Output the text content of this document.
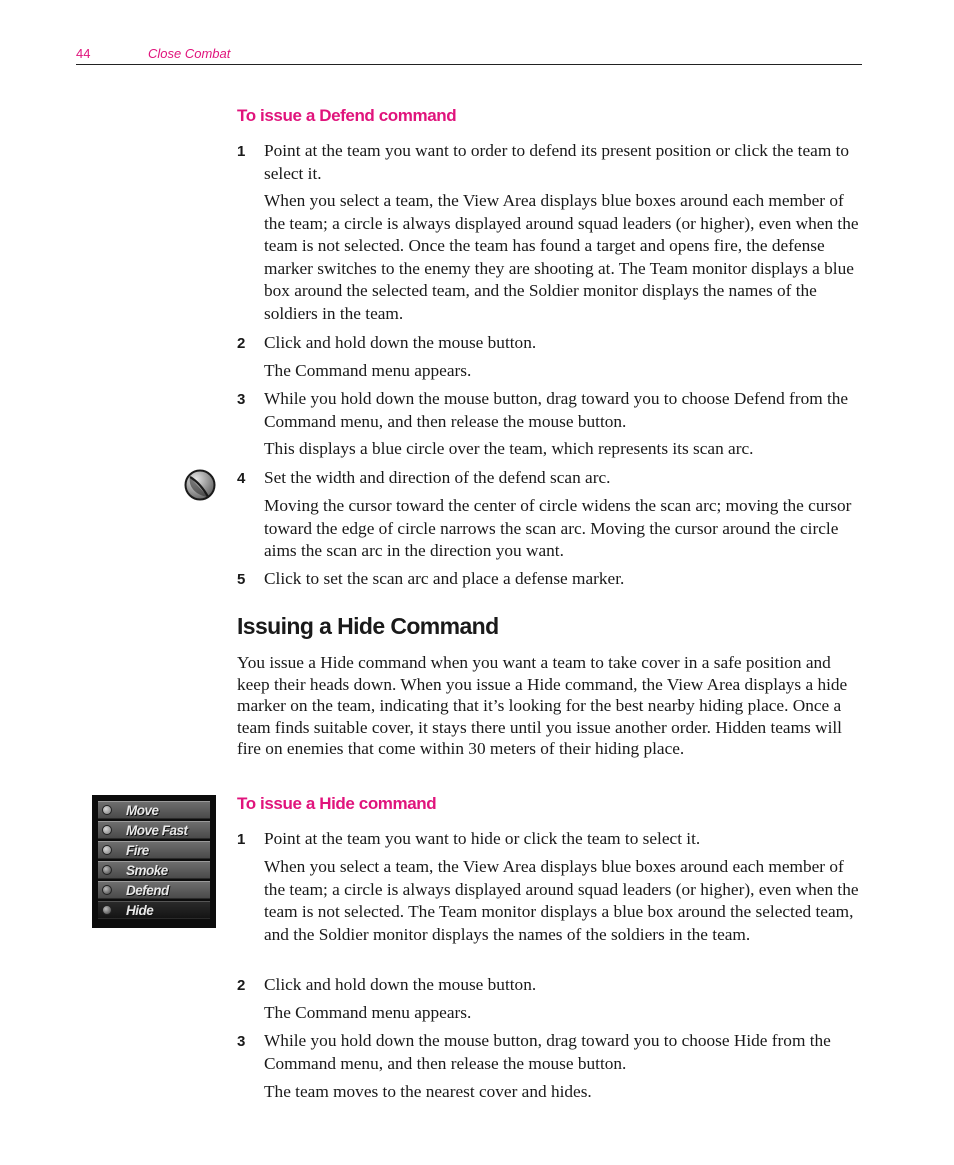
44	Close Combat
To issue a Defend command
1 Point at the team you want to order to defend its present position or click the team to select it.

When you select a team, the View Area displays blue boxes around each member of the team; a circle is always displayed around squad leaders (or higher), even when the team is not selected. Once the team has found a target and opens fire, the defense marker switches to the enemy they are shooting at. The Team monitor displays a blue box around the selected team, and the Soldier monitor displays the names of the soldiers in the team.

2 Click and hold down the mouse button.

The Command menu appears.

3 While you hold down the mouse button, drag toward you to choose Defend from the Command menu, and then release the mouse button.

This displays a blue circle over the team, which represents its scan arc.

4 Set the width and direction of the defend scan arc.

Moving the cursor toward the center of circle widens the scan arc; moving the cursor toward the edge of circle narrows the scan arc. Moving the cursor around the circle aims the scan arc in the direction you want.

5 Click to set the scan arc and place a defense marker.

Issuing a Hide Command

You issue a Hide command when you want a team to take cover in a safe position and keep their heads down. When you issue a Hide command, the View Area displays a hide marker on the team, indicating that it’s looking for the best nearby hiding place. Once a team finds suitable cover, it stays there until you issue another order. Hidden teams will fire on enemies that come within 30 meters of their hiding place.

Move
Move Fast
Fire
Smoke
Defend
Hide
To issue a Hide command
1 Point at the team you want to hide or click the team to select it.

When you select a team, the View Area displays blue boxes around each member of the team; a circle is always displayed around squad leaders (or higher), even when the team is not selected. The Team monitor displays a blue box around the selected team, and the Soldier monitor displays the names of the soldiers in the team.

2 Click and hold down the mouse button.

The Command menu appears.

3 While you hold down the mouse button, drag toward you to choose Hide from the Command menu, and then release the mouse button.

The team moves to the nearest cover and hides.
